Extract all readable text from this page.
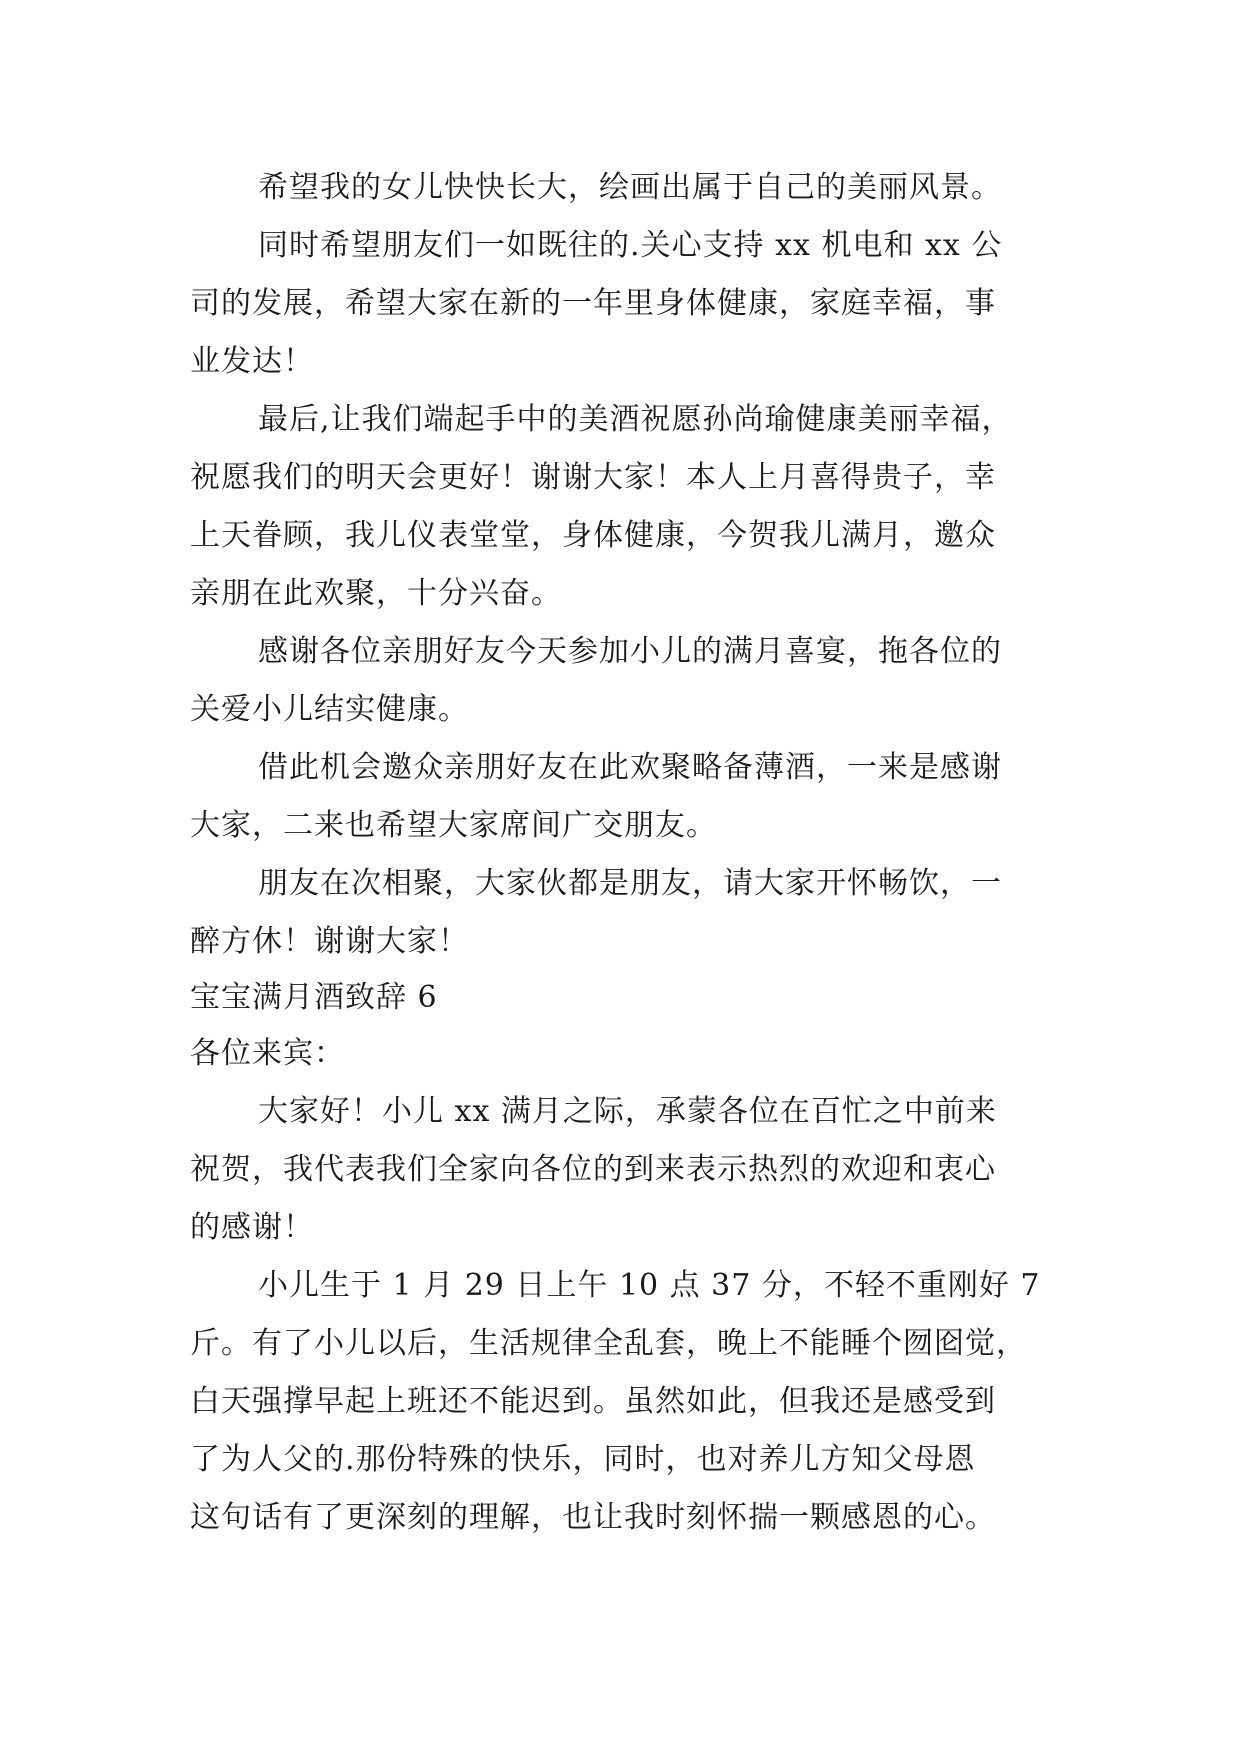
希望我的女儿快快长大，绘画出属于自己的美丽风景。
同时希望朋友们一如既往的.关心支持 xx 机电和 xx 公
司的发展，希望大家在新的一年里身体健康，家庭幸福，事
业发达！
最后,让我们端起手中的美酒祝愿孙尚瑜健康美丽幸福，
祝愿我们的明天会更好！谢谢大家！本人上月喜得贵子，幸
上天眷顾，我儿仪表堂堂，身体健康，今贺我儿满月，邀众
亲朋在此欢聚，十分兴奋。
感谢各位亲朋好友今天参加小儿的满月喜宴，拖各位的
关爱小儿结实健康。
借此机会邀众亲朋好友在此欢聚略备薄酒，一来是感谢
大家，二来也希望大家席间广交朋友。
朋友在次相聚，大家伙都是朋友，请大家开怀畅饮，一
醉方休！谢谢大家！
宝宝满月酒致辞 6
各位来宾：
大家好！小儿 xx 满月之际，承蒙各位在百忙之中前来
祝贺，我代表我们全家向各位的到来表示热烈的欢迎和衷心
的感谢！
小儿生于 1 月 29 日上午 10 点 37 分，不轻不重刚好 7
斤。有了小儿以后，生活规律全乱套，晚上不能睡个囫囵觉，
白天强撑早起上班还不能迟到。虽然如此，但我还是感受到
了为人父的.那份特殊的快乐，同时，也对养儿方知父母恩
这句话有了更深刻的理解，也让我时刻怀揣一颗感恩的心。
